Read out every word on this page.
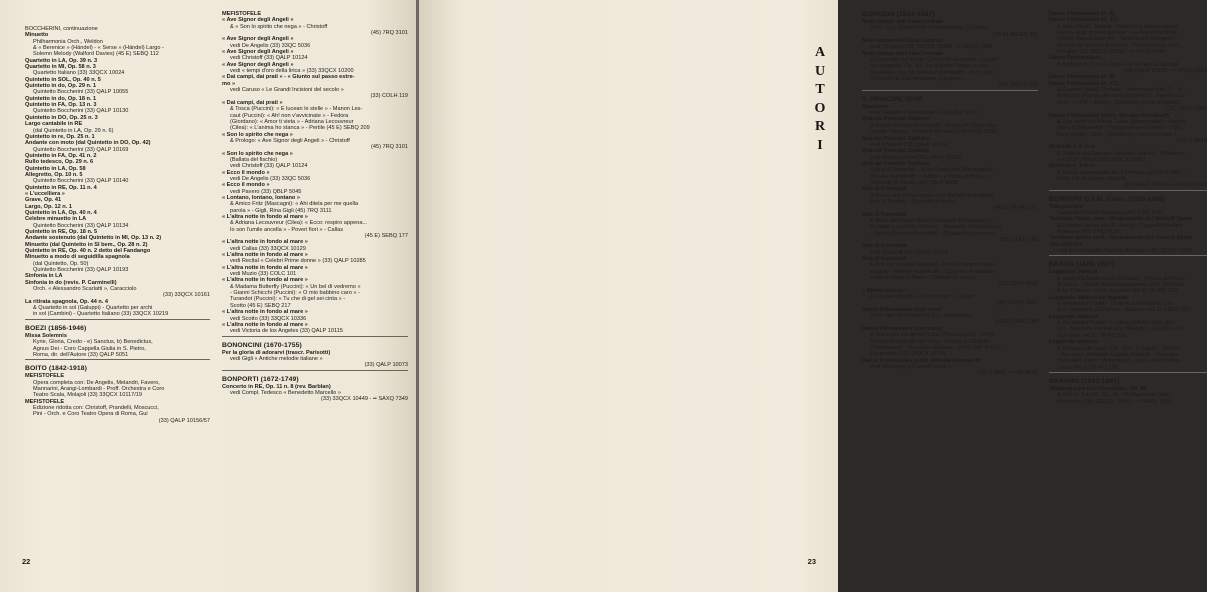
BOCCHERINI, continuazione
Minuetto
Philharmonia Orch., Weldon
& « Berenice » (Händel) - « Serse » (Händel) Largo -
Solemn Melody (Walford Davies) (45 E) SEBQ 112
Quartetto in LA, Op. 39 n. 3
Quartetto in MI, Op. 58 n. 3
Quartetto Italiano (33) 33QCX 10024
Quintetto in SOL, Op. 40 n. 5
Quintetto in do, Op. 29 n. 1
Quintetto Boccherini (33) QALP 10055
Quintetto in do, Op. 18 n. 1
Quintetto in FA, Op. 13 n. 3
Quintetto Boccherini (33) QALP 10130
Quintetto in DO, Op. 25 n. 3
Largo cantabile in RE
(dal Quintetto in LA, Op. 29 n. 6)
Quintetto in re, Op. 25 n. 1
Andante con moto (dal Quintetto in DO, Op. 42)
Quintetto Boccherini (33) QALP 10169
Quintetto in FA, Op. 41 n. 2
Rullo tedesco, Op. 29 n. 6
Quintetto in LA, Op. 58
Allegretto, Op. 10 n. 5
Quintetto Boccherini (33) QALP 10140
Quintetto in RE, Op. 11 n. 4
« L'uccelliera »
Grave, Op. 41
Largo, Op. 12 n. 1
Quintetto in LA, Op. 40 n. 4
Celebre minuetto in LA
Quintetto Boccherini (33) QALP 10134
Quintetto in RE, Op. 18 n. 5
Andante sostenuto (dal Quintetto in MI, Op. 13 n. 2)
Minuetto (dal Quintetto in SI bem., Op. 28 n. 2)
Quintetto in RE, Op. 40 n. 2 detto del Fandango
Minuetto a modo di seguidilla spagnola
(dal Quintetto, Op. 50)
Quintetto Boccherini (33) QALP 10193
Sinfonia in LA
Sinfonia in do (revis. P. Carminelli)
Orch. « Alessandro Scarlatti », Caracciolo
(33) 33QCX 10161
La ritirata spagnola, Op. 44 n. 4
& Quartetto in sol (Galuppi) - Quartetto per archi
in sol (Cambini) - Quartetto Italiano (33) 33QCX 10219
BOEZI (1856-1946)
Missa Solemnis
Kyrie, Gloria, Credo - e) Sanctus, b) Benedictus,
Agnus Dei - Coro Cappella Giulia in S. Pietro,
Roma, dir. dell'Autore (33) QALP 5051
BOITO (1842-1918)
MEFISTOFELE
Opera completa con: De Angelis, Melandri, Favero,
Mannarini, Arangi-Lombardi - Proff. Orchestra e Coro
Teatro Scala, Molajoli (33) 33QCX 10117/19
MEFISTOFELE
Edizione ridotta con: Christoff, Prandelli, Moscucci,
Pini - Orch. e Coro Teatro Opera di Roma, Gui
(33) QALP 10156/57
MEFISTOFELE
« Ave Signor degli Angeli »
& « Son lo spirito che nega » - Christoff
(45) 7RQ 3101
« Ave Signor degli Angeli »
vedi De Angelis (33) 33QC 5036
« Ave Signor degli Angeli »
vedi Christoff (33) QALP 10124
« Ave Signor degli Angeli »
vedi « tempi d'oro della lirica » (33) 33QCX 10200
« Dai campi, dai prati » - « Giunto sul passo estre-
mo »
vedi Caruso « Le Grandi Incisioni del secolo »
(33) COLH 119
« Dai campi, dai prati »
& Tosca (Puccini): « E lucean le stelle » - Manon Les-
caut (Puccini): « Ah! non v'avvicinate » - Fedora
(Giordano): « Amor ti vieta » - Adriana Lecouvreur
(Cilea): « L'anima ho stanca » - Pertile (45 E) SEBQ 209
« Son lo spirito che nega »
& Prologo: « Ave Signor degli Angeli » - Christoff
(45) 7RQ 3101
« Son lo spirito che nega »
(Ballata del fischio)
vedi Christoff (33) QALP 10124
« Ecco il mondo »
vedi De Angelis (33) 33QC 5036
« Ecco il mondo »
vedi Pavero (33) QBLP 5045
« Lontano, lontano, lontano »
& Amico Fritz (Mascagni): « Ahi ditela per me quella
parola » - Gigli, Rina Gigli (45) 7RQ 3111
« L'altra notte in fondo al mare »
& Adriana Lecouvreur (Cilea): « Ecco: respiro appena...
Io son l'umile ancella » - Poveri fiori » - Callas
(45 E) SEBQ 177
« L'altra notte in fondo al mare »
vedi Callas (33) 33QCX 10129
« L'altra notte in fondo al mare »
vedi Recital « Celebri Prime donne » (33) QALP 10285
« L'altra notte in fondo al mare »
vedi Muzio (33) COLC 101
« L'altra notte in fondo al mare »
& Madama Butterfly (Puccini): « Un bel dì vedremo »
- Gianni Schicchi (Puccini): « O mio babbino caro » -
Turandot (Puccini): « Tu che di gel sei cinta » -
Scotto (45 E) SEBQ 217
« L'altra notte in fondo al mare »
vedi Scotto (33) 33QCX 10336
« L'altra notte in fondo al mare »
vedi Victoria de los Angeles (33) QALP 10115
BONONCINI (1670-1755)
Per la gloria di adorarvi (trascr. Parisotti)
vedi Gigli « Antiche melodie italiane »
(33) QALP 10073
BONPORTI (1672-1749)
Concerto in RE, Op. 11 n. 8 (rev. Barblan)
vedi Compl. Tedesco « Benedetto Marcello »
(33) 33QCX 10449 - •• SAXQ 7349
22
BORODIN (1834-1887)
Nelle steppe dell'Asia Centrale
Orch. Soc. Concerti du Conservatoire, Cluytens
(45 E) 45EDQ 111
Nelle steppe dell'Asia Centrale
vedi Cluytens (33) 33QCX 10399 - •• SAXQ 7298
Nelle steppe dell'Asia Centrale
& Una notte sul Monte Calvo (Mussorgsky) - Capric-
cio spagnolo, Op. 34 - La grande Pasqua russa -
Ouverture, Op. 36 (Rimsky-Korsakoff) - Orch. Soc.
Concerts du Conservatoire, Cluytens
(33) 33QTX 116
IL PRINCIPE IGOR
Ouverture
vedi Silvestri « Ouvertures » (33) ALP 1749
Aria del Principe Galitsky
& Sadko (Rimsky-Korsakoff) - Scena 4ª: Canto del-
l'ospite Vikingo - Christoff (in russo) (45) 7RQ 3033
Aria del Principe Galitsky
vedi Christoff (33) QALP 10124
Aria del Principe Galitsky
vedi Rossi-Lemeni (33) QALP 10033
Aria del Principe Galitsky
& Aria di Kontchak - Boris Godounof (Mussorgsky -
Rimsky-Korsakoff): « Addio » e Morte di Boris » -
Christoff (in russo) (33) QBLP 5002
Aria di Kontchak
& Kovancina (Mussorgsky, rev. Rimsky-Korsakoff) -
Aria di Dosifeu - Christoff (in russo)
(45 E) 7E RQ 107
Aria di Kontchak
& Brani dall'Opera Boris Godounof (Mussorgsky) -
Russlan e Ludmilla (Glinka) - Russalka (Dargomisky)
- Sadko (Rimsky-Korsakoff) - Chaliapine (in russo)
(33) COLH 100
Aria di Kontchak
vedi Christoff (33) QALP 10124
Aria di Kontchak
& Aria del Principe Galitsky - Boris Godounof (Mus-
sorgsky - Rimsky-Korsakoff) - Canzone di Varlaam -
Addio e morte di Boris - Christoff (in russo)
(33) QBLP 5002
« Ahimè nel cor »
& Carmen (Bizet): « Con voi ber » - Silveri
(45) SCBQ 3007
Danze Polovesiane (con coro)
Orch. Nat. et Choeurs R.D.F., Markevitch
(45 E) SEBQ 190
Danze Polovesiane (con coro)
& Una notte sul Monte Calvo (Mussorgsky) - Orch.
Rimsky-Korsakoff) con Coro - Romeo e Giulietta
(Ciaikowsky) - Ouverture fantasia - Orch. Nat. R.D.F.,
Markevitch (33) 33QCX 10134
Danze Polovesiane (orch. Rimsky-Korsakoff)
vedi Steinberg « Concert russe »
(33) P 8450 - •• SP 8450
Danze Polovesiane (n. 8)
Danze Polovesiane (n. 17)
& Aida (Verdi): Balletti - Kovancina (Mussorgsky):
Danza degli schiavi persiani - La Gioconda (Pon-
chielli): Danza delle ore - Tannhäuser (Wagner):
Musica del Venere di Venere - Philharmonia Orch.,
Karajan (33) 33QCX 10192 - •• SAXQ 7344
Danze Polovesiane
& Sinfonia n. 2 in si - Orch. Fil. di Vienna, Kubelik
(33) QALP 10318 - •• ASDQ 5302
Danze Polovesiane (n. 8)
Danze Polovesiane (n. 17)
& Carmen (Bizet) Preludio - Intermezzo Atto 2° - In-
termezzo (Marcia dei contrabbandieri) - Intermezzo -
Orch. « FFB » Berlino, Schüchter (Serie Imperial)
(33) QFLP 4066
Danze Polovesiane (Orch. Rimsky-Korsakoff)
& Una notte sul Monte Calvo (Mussorgsky) - Marcia
slava (Ciaikowsky) - Kamarinskaya (Glinka) - Pitts-
burg Symph. Orch., Steinberg « Concert russe »
(33) P. 8450
Sinfonia n. 2 in si
& Schizzi del Caucaso (Ippolitof-Ivanof) - Philharmo-
nia Orch.,Kletzki (33) 33QCX 10261
Sinfonia n. 2 in si
& Danze polovesiane da: Il Principe Igor (Borodin) -
Orch. Fil. di Vienna, Kubelik
(33) QALP 10318 - •• ASDQ 5302
BORRONI O.F.M. Conv. (1820-1896)
Tota pulchra
Cappella Basilica Assisana (45) 7 PQ 2137
Tenebrae factae sunt - Responsorio del Venerdì Santo
& Christus factus est (D. Stella) - Cappella Basilica
Assisana (45) 7 PQ 2139
Tenebrae factae sunt - Responsorio del Venerdì Santo
Tota Pulchra
vedi Con Cappella Basilica Assisana (33) QCLP 12005
BRAGA (1829-1907)
Leggenda Valacca
& Serenata Medioevale (Silvestri) - Marcia del Palio
di Siena - Unione Bandistica senese con i Trombet-
ti del Palazzo - Orch. Guarino (45 E) 7E MQ 120
Leggenda Valacca (in inglese)
& Serenata (Toselli) - I milioni d'Arlecchino (Dri-
go) - Serenata (Schubert) - Kullman (45 E) SEDQ 607
Leggenda Valacca
& Serenata (Toselli) - I milioni di Arlecchino (Dri-
go) - Serenata medioevale (Silvestri) - Guarino e la
sua Orch. (45 E) 7E PQ 595
Leggenda Valacca
& Chanson de matin, Op. 15 n. 2 (Elgar) - Jocelyn
- Berceuse (Silvestre Capoul Godard) - Serenata
(Schubert, trascr. Melachrino) - Orch. d'Archi Mela-
chrino (45 E) 7E PQ 520
BRAHMS (1833-1897)
Akademische Fest Ouvertüre, Op. 80
& Sinf. n. 3 in FA, Op. 90 - Philharmonia Orch.,
Klemperer (33) 33QCX 10402 - •• SAXQ 7314
A
U
T
O
R
I
23
